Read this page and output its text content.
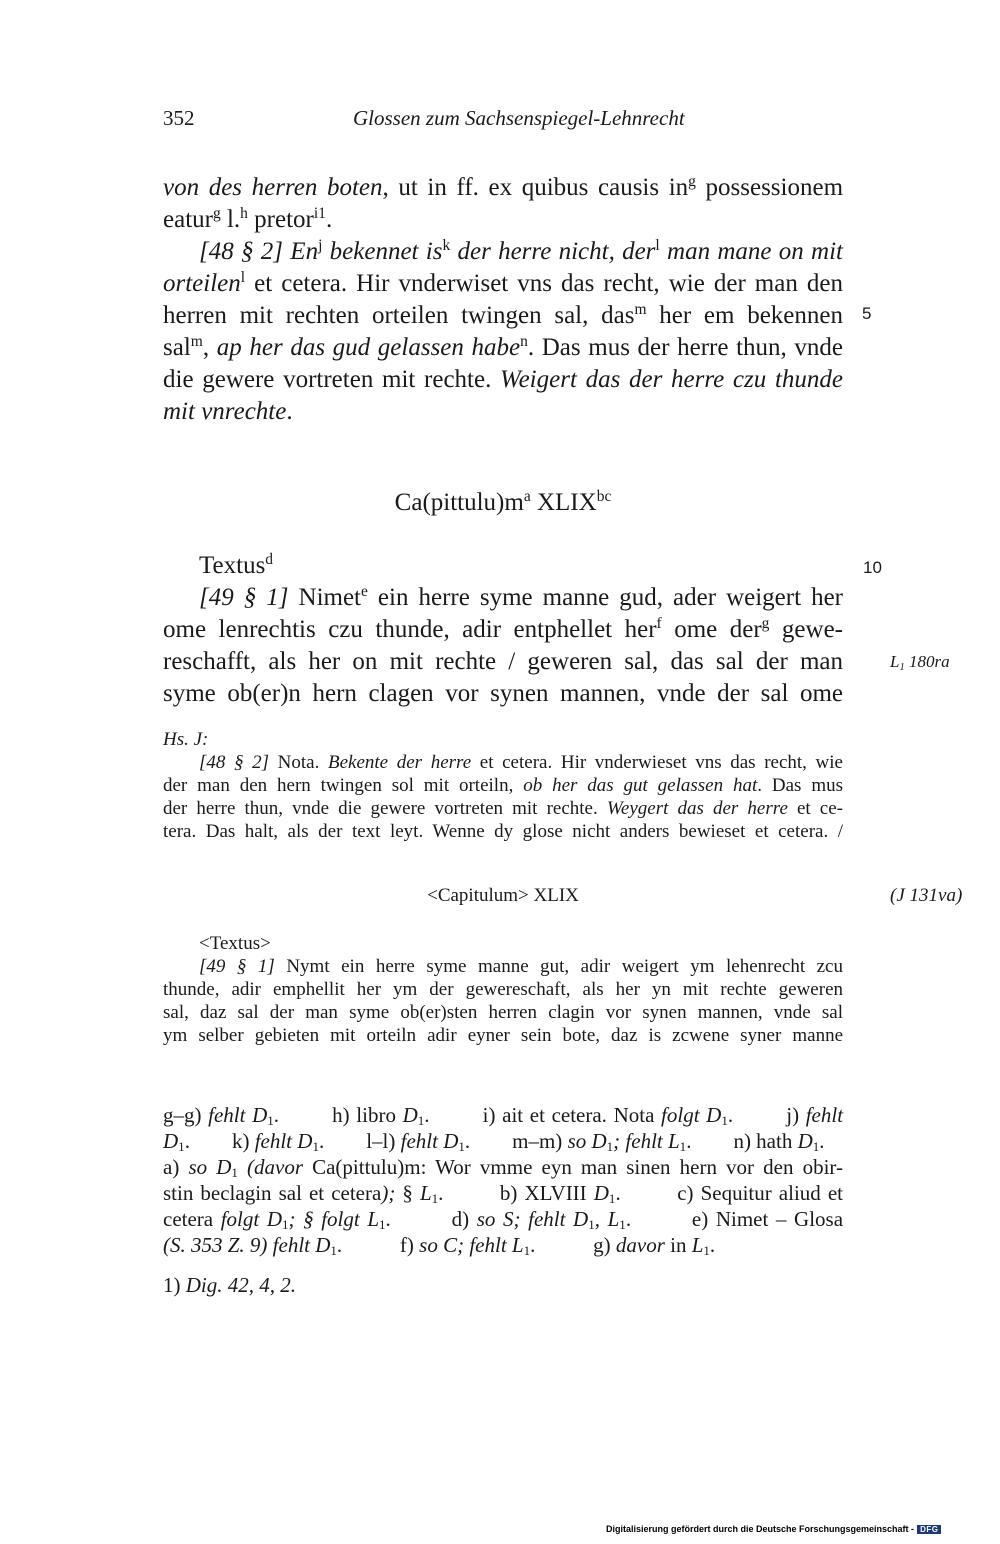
352	Glossen zum Sachsenspiegel-Lehnrecht
von des herren boten, ut in ff. ex quibus causis $in^g$ possessionem
eatur$^g$ l.$^h$ pretor$^{i1}$.
[48 § 2] En$^j$ bekennet $is^k$ der herre nicht, der$^l$ man mane on mit
orteilen$^l$ et cetera. Hir vnderwiset vns das recht, wie der man den
herren mit rechten orteilen twingen sal, das$^m$ her em bekennen
sal$^m$, ap her das gud gelassen habe$^n$. Das mus der herre thun, vnde
die gewere vortreten mit rechte. Weigert das der herre czu thunde
mit vnrechte.
5
$Ca(pittulu)m^a$ $XLIX^{bc}$
Textus$^d$
[49 § 1] Nimet$^e$ ein herre syme manne gud, ader weigert her
ome lenrechtis czu thunde, adir entphellet her$^f$ ome der$^g$ gewe-
reschafft, als her on mit rechte / geweren sal, das sal der man
syme ob(er)n hern clagen vor synen mannen, vnde der sal ome
10
$L_1$ 180ra
Hs. J:
[48 § 2] Nota. Bekente der herre et cetera. Hir vnderwieset vns das recht, wie
der man den hern twingen sol mit orteiln, ob her das gut gelassen hat. Das mus
der herre thun, vnde die gewere vortreten mit rechte. Weygert das der herre et ce-
tera. Das halt, als der text leyt. Wenne dy glose nicht anders bewieset et cetera. /
<Capitulum> XLIX	(J 131va)
<Textus>
[49 § 1] Nymt ein herre syme manne gut, adir weigert ym lehenrecht zcu
thunde, adir emphellit her ym der gewereschaft, als her yn mit rechte geweren
sal, daz sal der man syme ob(er)sten herren clagin vor synen mannen, vnde sal
ym selber gebieten mit orteiln adir eyner sein bote, daz is zcwene syner manne
g–g) fehlt $D_1$.	h) libro $D_1$.	i) ait et cetera. Nota folgt $D_1$.	j) fehlt
$D_1$. k) fehlt $D_1$. l–l) fehlt $D_1$. m–m) so $D_1$; fehlt $L_1$. n) hath $D_1$.
a) so $D_1$ (davor Ca(pittulu)m: Wor vmme eyn man sinen hern vor den obir-
stin beclagin sal et cetera); § $L_1$.	b) XLVIII $D_1$.	c) Sequitur aliud et
cetera folgt $D_1$; § folgt $L_1$.	d) so S; fehlt $D_1$, $L_1$.	e) Nimet – Glosa
(S. 353 Z. 9) fehlt $D_1$.	f) so C; fehlt $L_1$.	g) davor in $L_1$.
1) Dig. 42, 4, 2.
Digitalisierung gefördert durch die Deutsche Forschungsgemeinschaft - DFG
